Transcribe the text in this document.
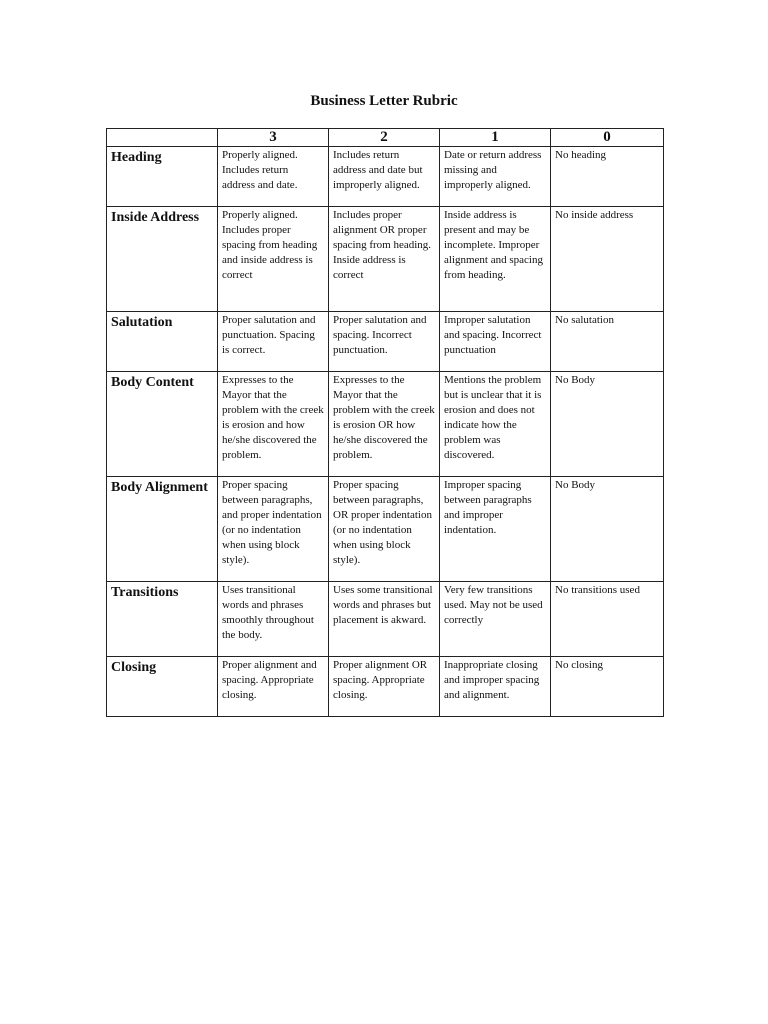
Business Letter Rubric
	3	2	1	0
Heading	Properly aligned. Includes return address and date.	Includes return address and date but improperly aligned.	Date or return address missing and improperly aligned.	No heading
Inside Address	Properly aligned. Includes proper spacing from heading and inside address is correct	Includes proper alignment OR proper spacing from heading. Inside address is correct	Inside address is present and may be incomplete. Improper alignment and spacing from heading.	No inside address
Salutation	Proper salutation and punctuation. Spacing is correct.	Proper salutation and spacing. Incorrect punctuation.	Improper salutation and spacing. Incorrect punctuation	No salutation
Body Content	Expresses to the Mayor that the problem with the creek is erosion and how he/she discovered the problem.	Expresses to the Mayor that the problem with the creek is erosion OR how he/she discovered the problem.	Mentions the problem but is unclear that it is erosion and does not indicate how the problem was discovered.	No Body
Body Alignment	Proper spacing between paragraphs, and proper indentation (or no indentation when using block style).	Proper spacing between paragraphs, OR proper indentation (or no indentation when using block style).	Improper spacing between paragraphs and improper indentation.	No Body
Transitions	Uses transitional words and phrases smoothly throughout the body.	Uses some transitional words and phrases but placement is akward.	Very few transitions used. May not be used correctly	No transitions used
Closing	Proper alignment and spacing. Appropriate closing.	Proper alignment OR spacing. Appropriate closing.	Inappropriate closing and improper spacing and alignment.	No closing
